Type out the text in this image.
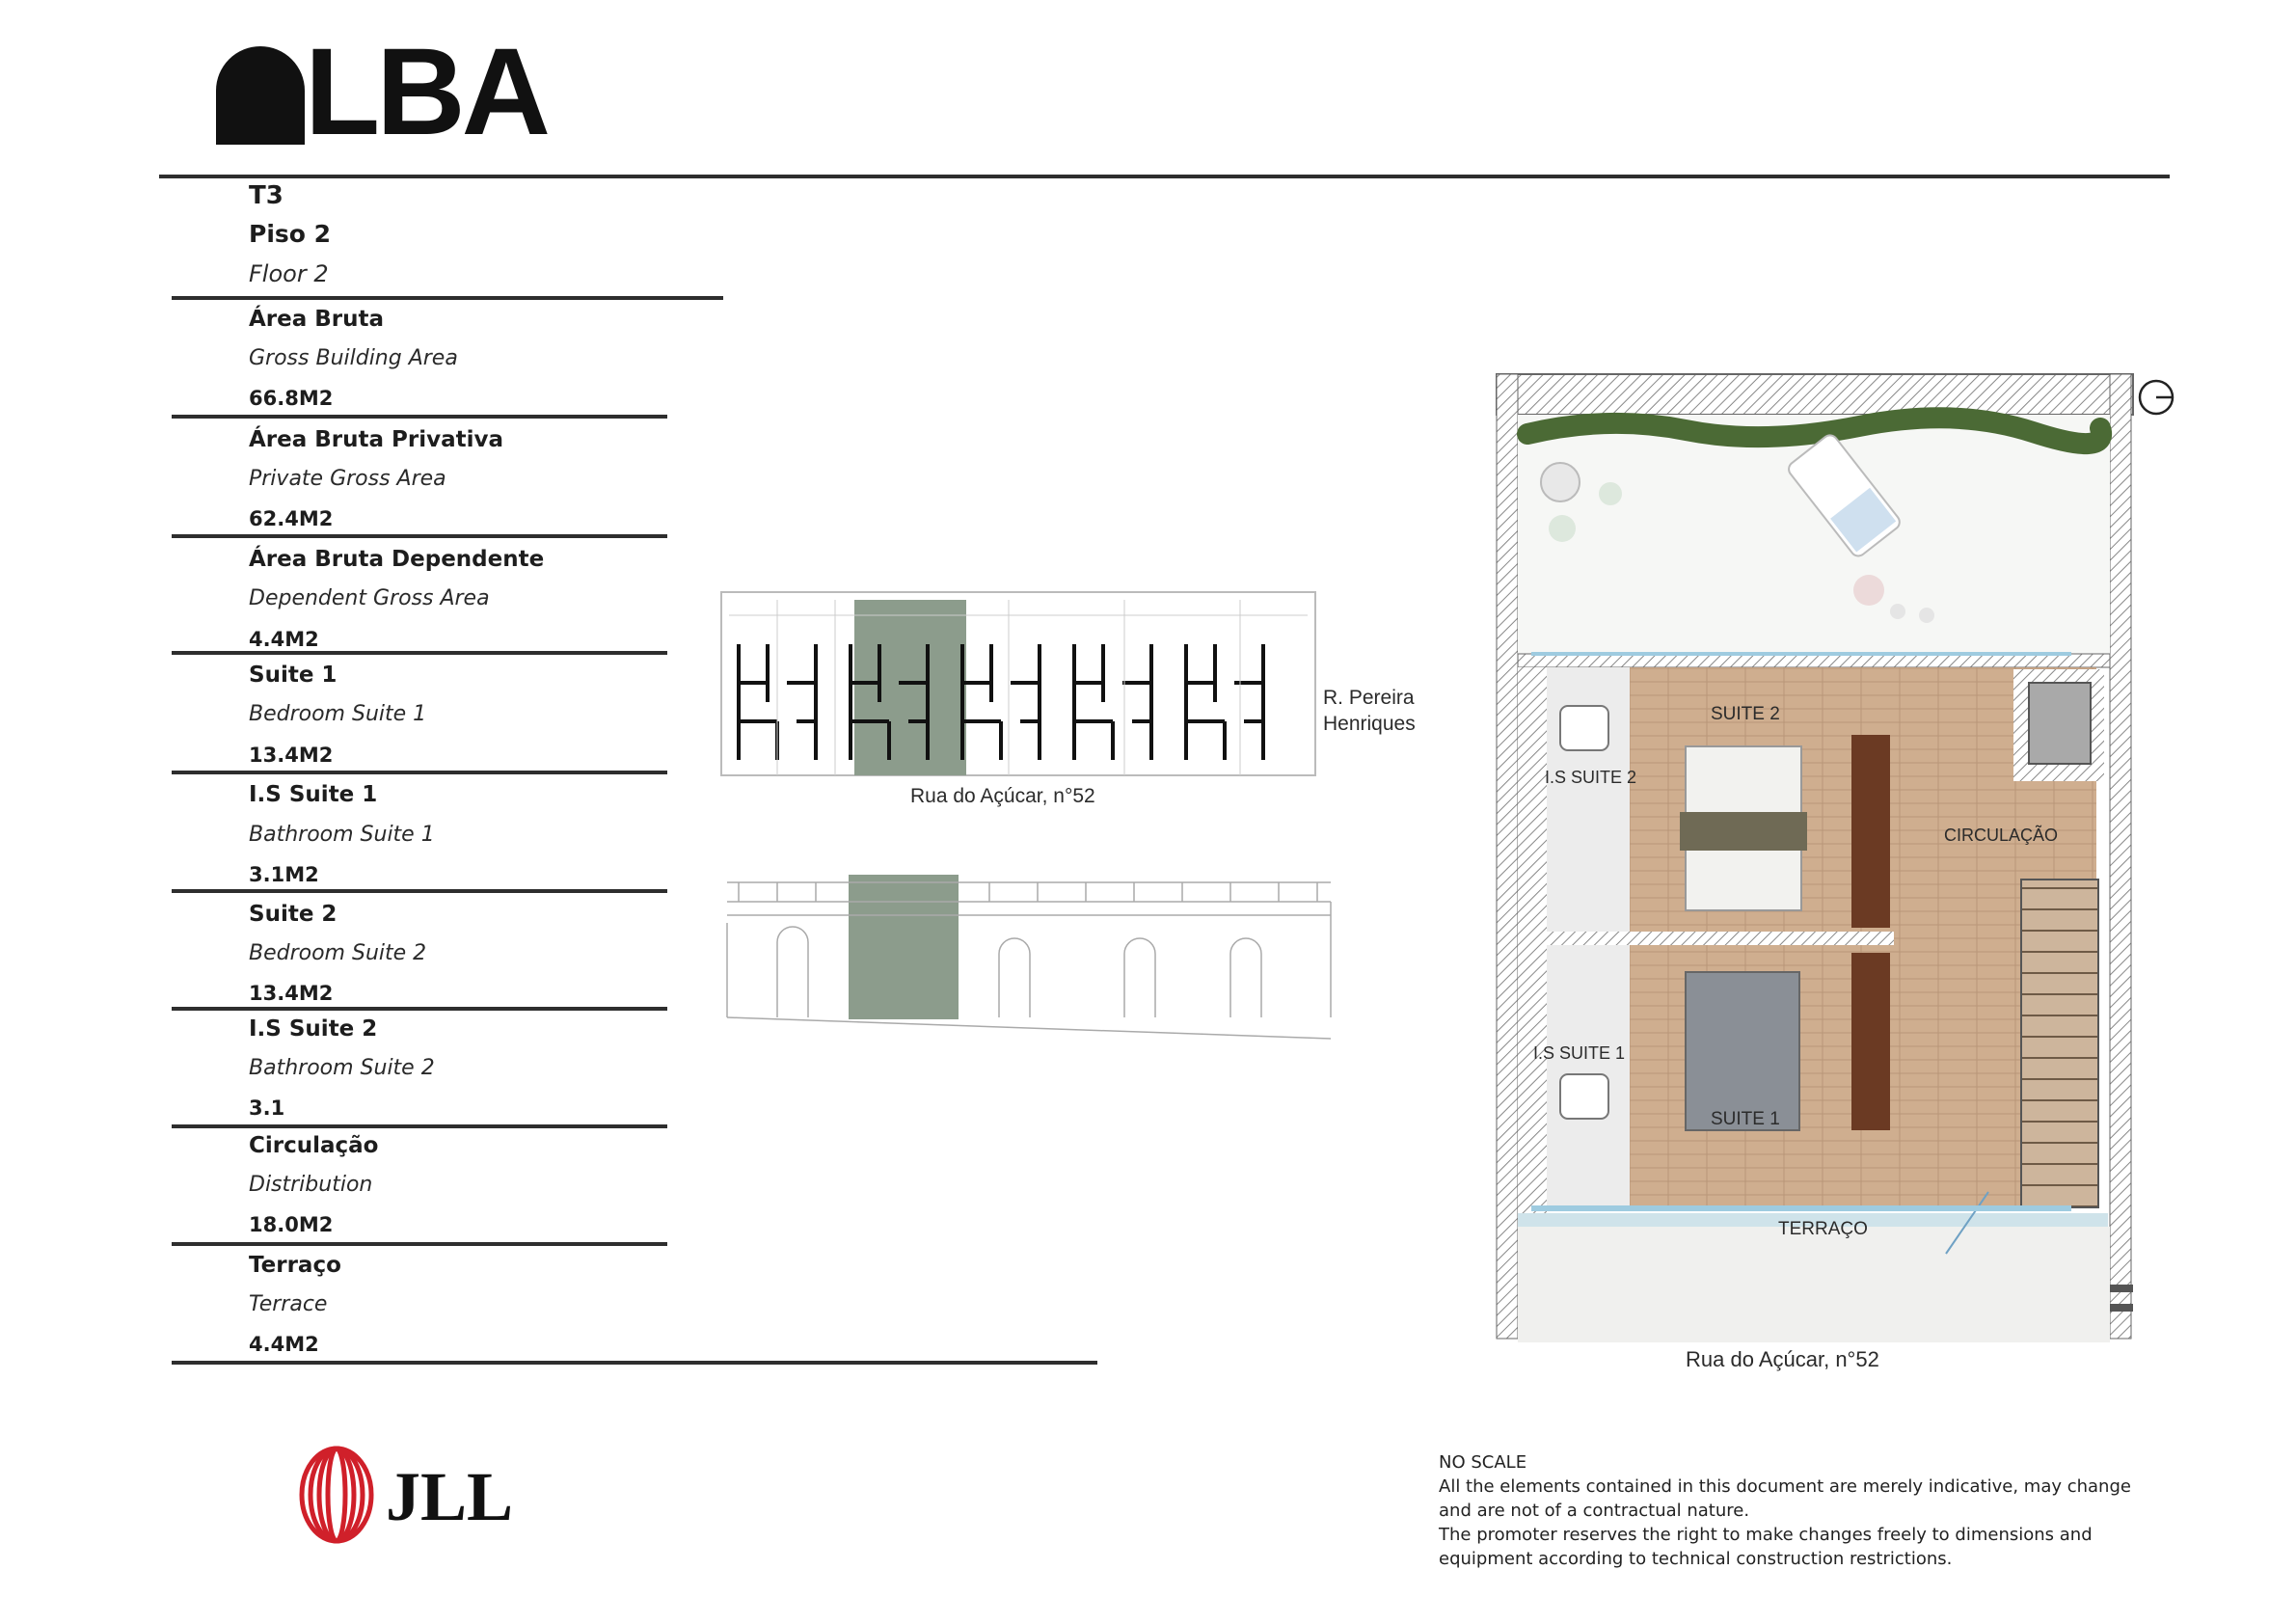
LBA
T3
Piso 2
Floor 2
Área Bruta
Gross Building Area
66.8M2
Área Bruta Privativa
Private Gross Area
62.4M2
Área Bruta Dependente
Dependent Gross Area
4.4M2
Suite 1
Bedroom Suite 1
13.4M2
I.S Suite 1
Bathroom Suite 1
3.1M2
Suite 2
Bedroom Suite 2
13.4M2
I.S Suite 2
Bathroom Suite 2
3.1
Circulação
Distribution
18.0M2
Terraço
Terrace
4.4M2
R. Pereira
Henriques
Rua do Açúcar, n°52
SUITE 2
I.S SUITE 2
CIRCULAÇÃO
I.S SUITE 1
SUITE 1
TERRAÇO
Rua do Açúcar, n°52
JLL	NO SCALE
All the elements contained in this document are merely indicative, may change
and are not of a contractual nature.
The promoter reserves the right to make changes freely to dimensions and
equipment according to technical construction restrictions.
